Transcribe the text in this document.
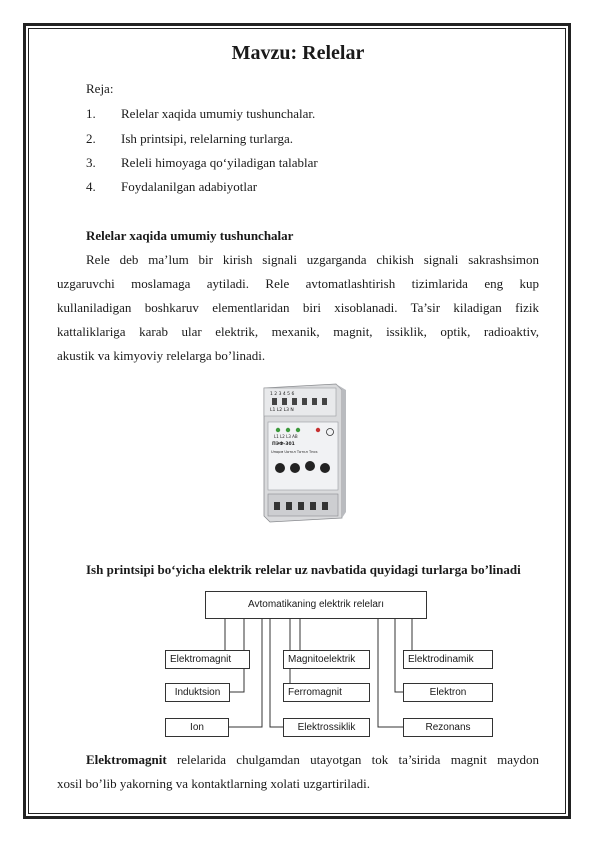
Mavzu: Relelar
Reja:
1. Relelar xaqida umumiy tushunchalar.
2. Ish printsipi, relelarning turlarga.
3. Releli himoyaga qo‘yiladigan talablar
4. Foydalanilgan adabiyotlar
Relelar xaqida umumiy tushunchalar
Rele deb ma’lum bir kirish signali uzgarganda chikish signali sakrashsimon
uzgaruvchi moslamaga aytiladi. Rele avtomatlashtirish tizimlarida eng kup
kullaniladigan boshkaruv elementlaridan biri xisoblanadi. Ta’sir kiladigan fizik
kattaliklariga karab ular elektrik, mexanik, magnit, issiklik, optik, radioaktiv,
akustik va kimyoviy relelarga bo’linadi.
1 2 3 4 5 6
L1 L2 L3 N
L1 L2 L3 AB
ПЭФ-301
Uнорм Uоткл Тоткл Тпск
Ish printsipi bo‘yicha elektrik relelar uz navbatida quyidagi turlarga bo’linadi
Avtomatikaning elektrik releları
Elektromagnit
Induktsion
Ion
Magnitoelektrik
Ferromagnit
Elektrossiklik
Elektrodinamik
Elektron
Rezonans
Elektromagnit relelarida chulgamdan utayotgan tok ta’sirida magnit maydon
xosil bo’lib yakorning va kontaktlarning xolati uzgartiriladi.
